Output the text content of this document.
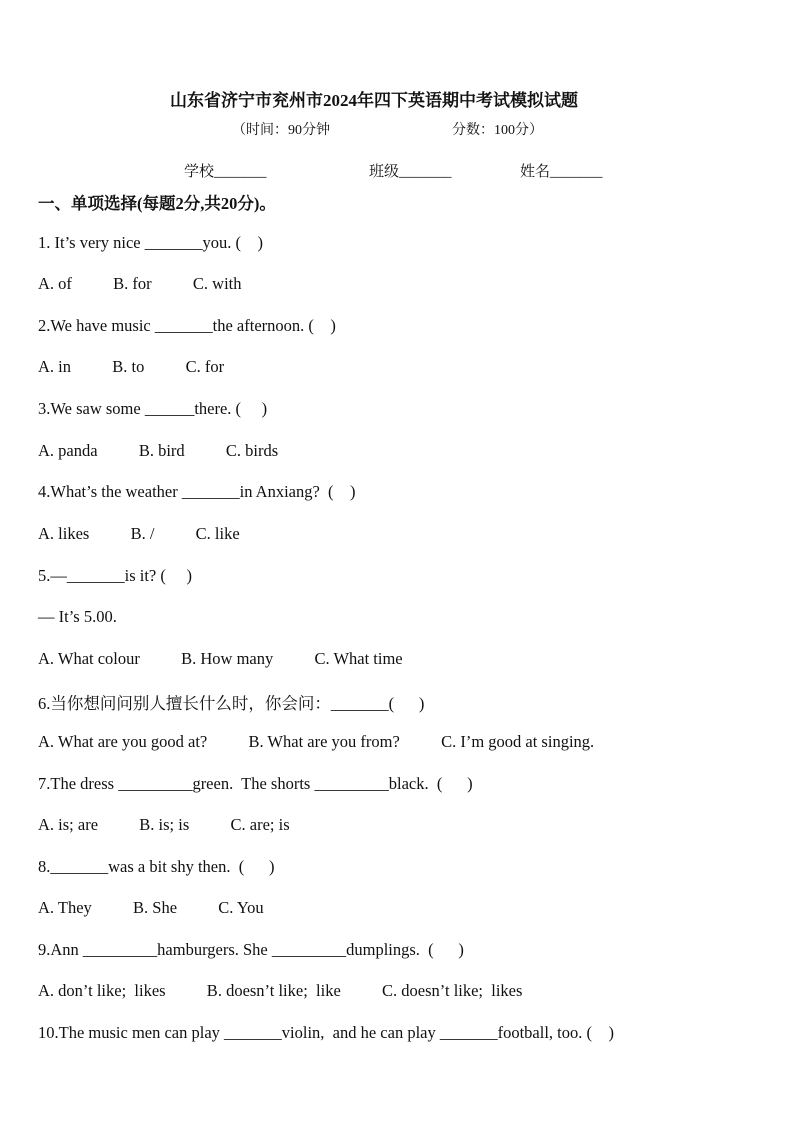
山东省济宁市兖州市2024年四下英语期中考试模拟试题
（时间：90分钟	分数：100分）
学校_______	班级_______	姓名_______
一、单项选择(每题2分,共20分)。
1. It’s very nice _______you. (    )
A. of          B. for          C. with
2.We have music _______the afternoon. (    )
A. in          B. to          C. for
3.We saw some ______there. (     )
A. panda          B. bird          C. birds
4.What’s the weather _______in Anxiang?  (    )
A. likes          B. /          C. like
5.—_______is it? (     )
— It’s 5.00.
A. What colour          B. How many          C. What time
6.当你想问问别人擅长什么时，你会问：_______(      )
A. What are you good at?          B. What are you from?          C. I’m good at singing.
7.The dress _________green.  The shorts _________black.  (      )
A. is; are          B. is; is          C. are; is
8._______was a bit shy then.  (      )
A. They          B. She          C. You
9.Ann _________hamburgers. She _________dumplings.  (      )
A. don’t like;  likes          B. doesn’t like;  like          C. doesn’t like;  likes
10.The music men can play _______violin,  and he can play _______football, too. (    )
